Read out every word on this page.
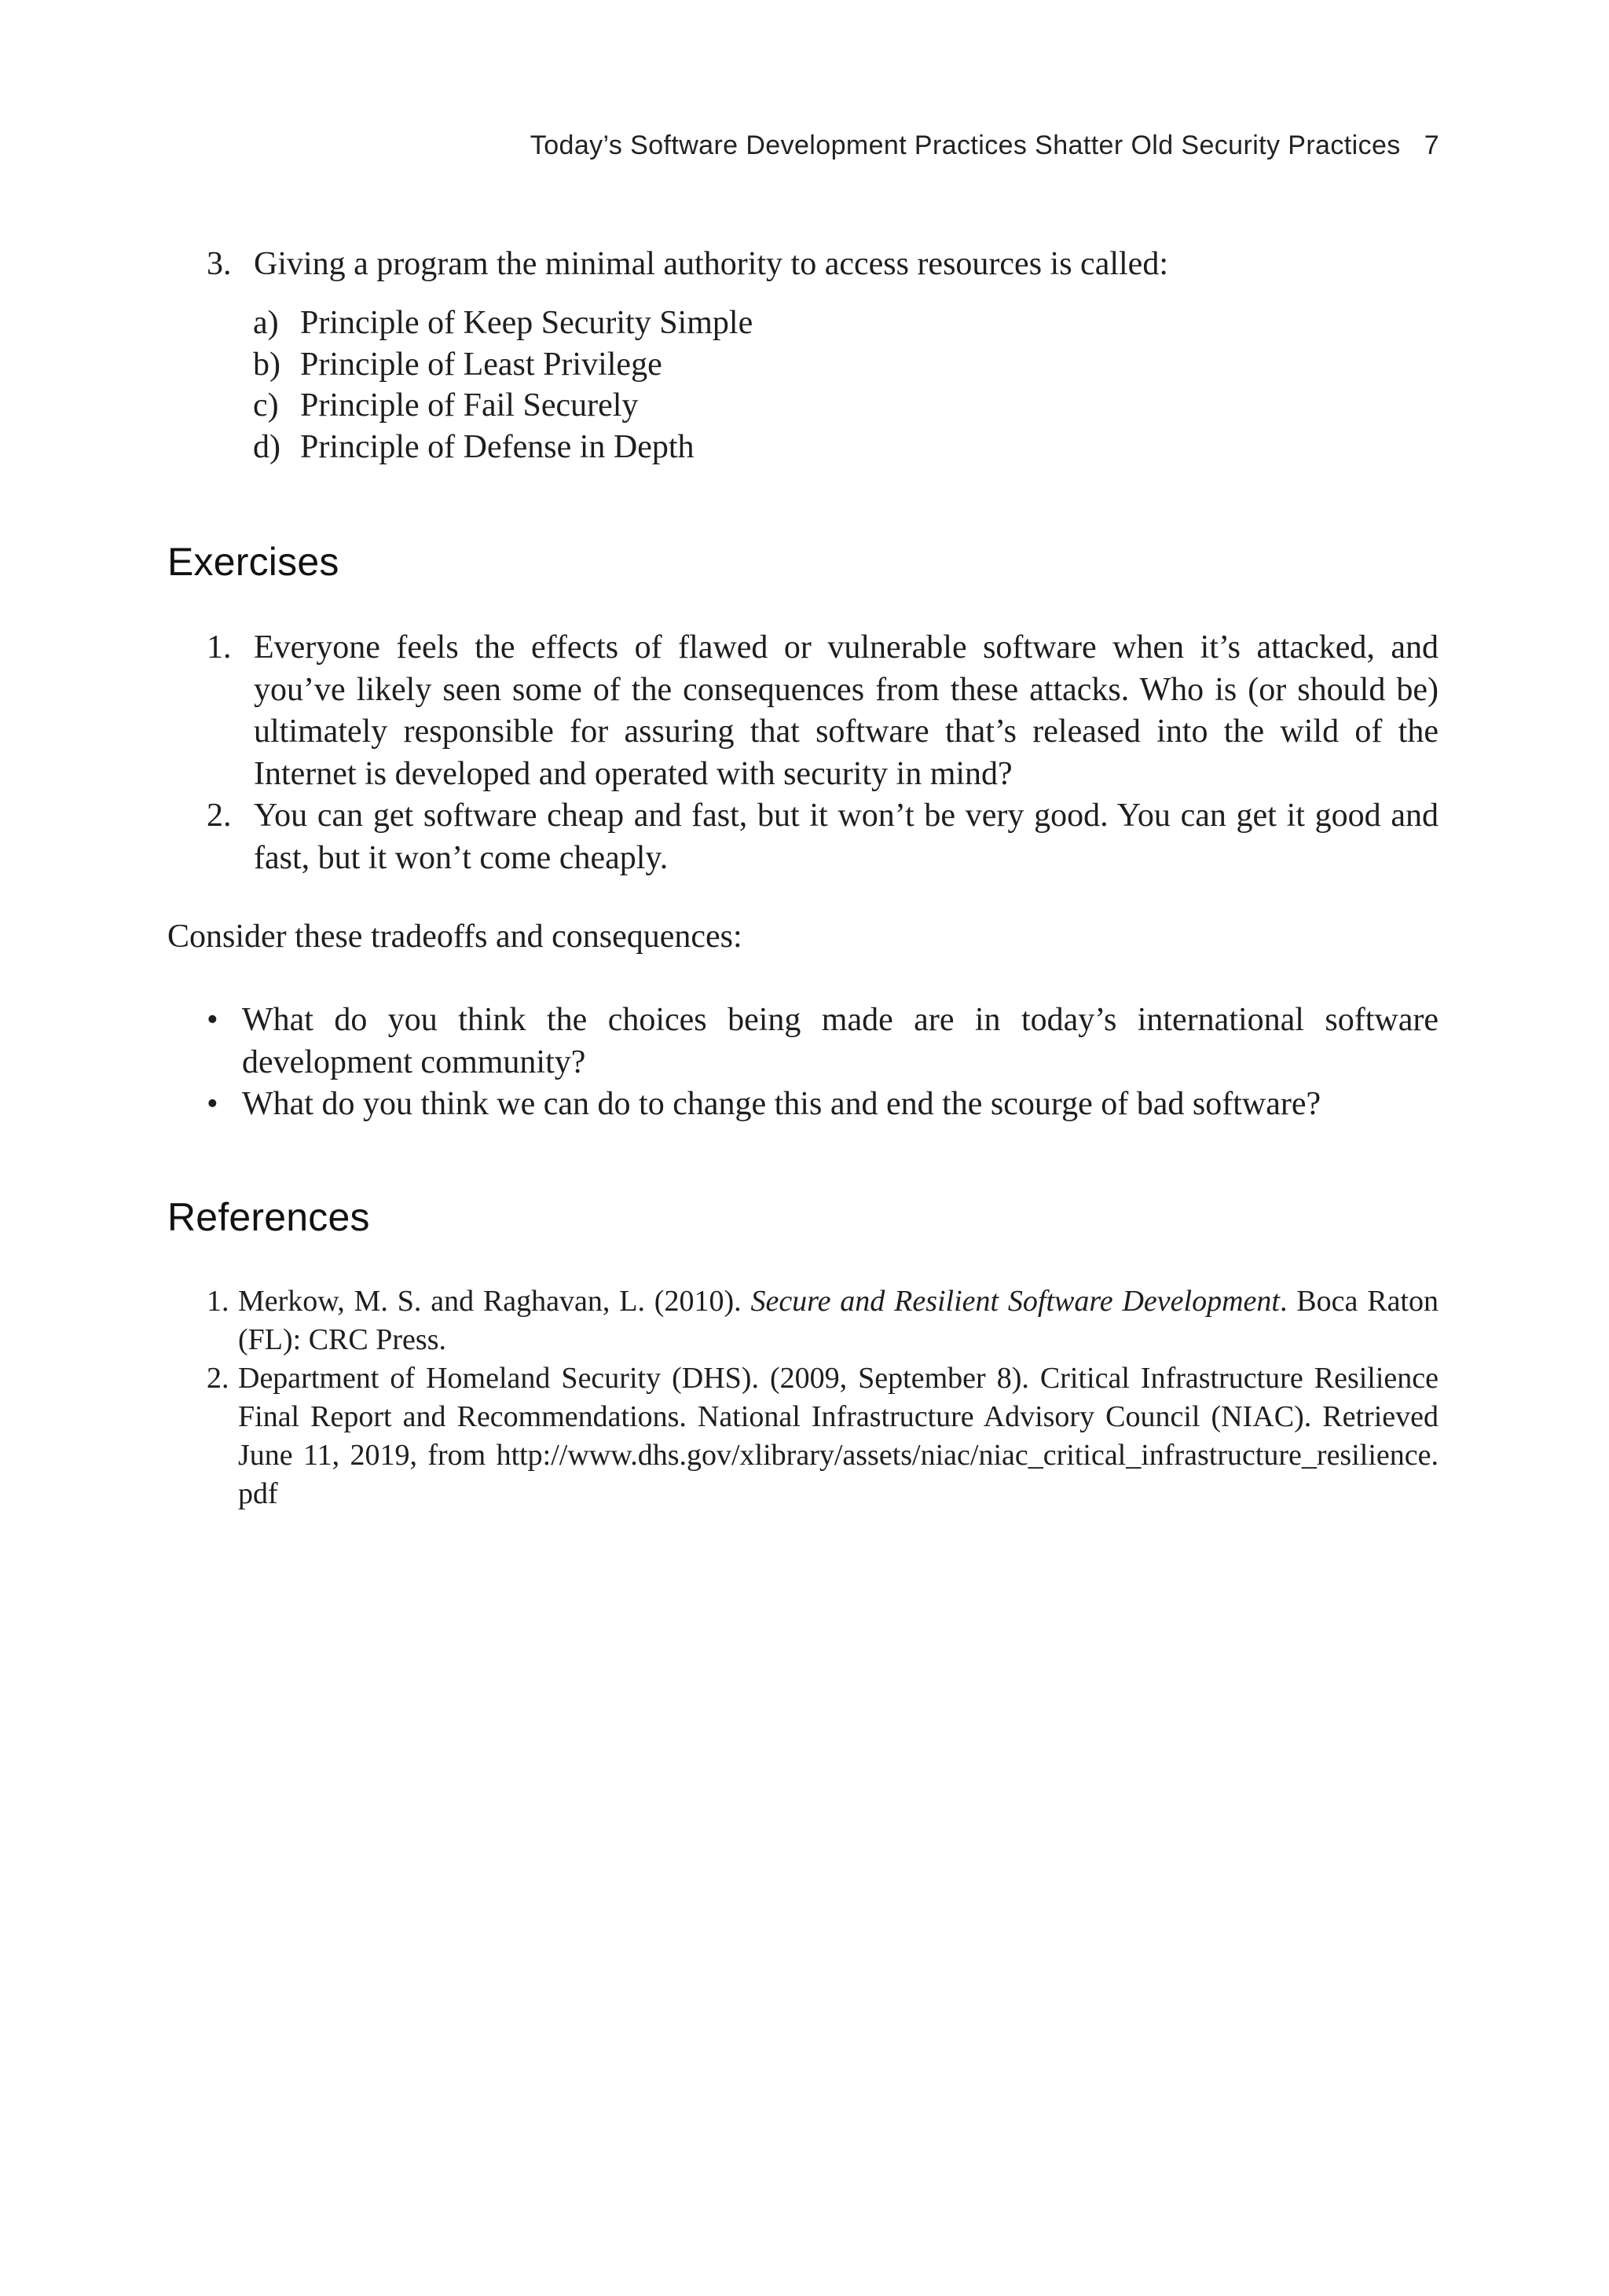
Today’s Software Development Practices Shatter Old Security Practices 7
3. Giving a program the minimal authority to access resources is called:
a) Principle of Keep Security Simple
b) Principle of Least Privilege
c) Principle of Fail Securely
d) Principle of Defense in Depth
Exercises
1. Everyone feels the effects of flawed or vulnerable software when it’s attacked, and you’ve likely seen some of the consequences from these attacks. Who is (or should be) ultimately responsible for assuring that software that’s released into the wild of the Internet is developed and operated with security in mind?
2. You can get software cheap and fast, but it won’t be very good. You can get it good and fast, but it won’t come cheaply.
Consider these tradeoffs and consequences:
• What do you think the choices being made are in today’s international software development community?
• What do you think we can do to change this and end the scourge of bad software?
References
1. Merkow, M. S. and Raghavan, L. (2010). Secure and Resilient Software Development. Boca Raton (FL): CRC Press.
2. Department of Homeland Security (DHS). (2009, September 8). Critical Infrastructure Resilience Final Report and Recommendations. National Infrastructure Advisory Council (NIAC). Retrieved June 11, 2019, from http://www.dhs.gov/xlibrary/assets/niac/niac_critical_infrastructure_resilience.pdf
